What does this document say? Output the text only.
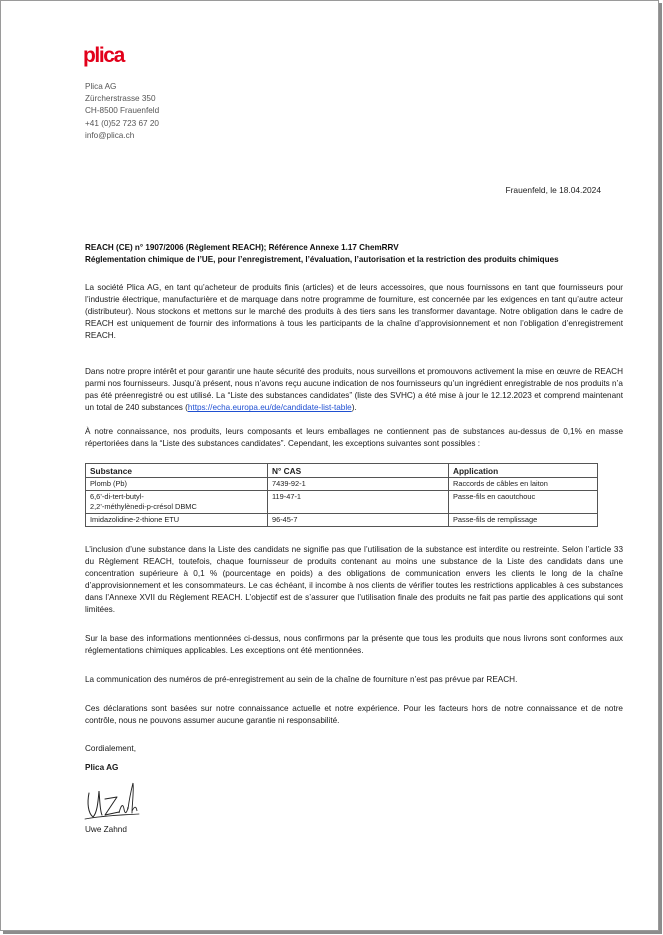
plica
Plica AG
Zürcherstrasse 350
CH-8500 Frauenfeld
+41 (0)52 723 67 20
info@plica.ch
Frauenfeld, le 18.04.2024
REACH (CE) n° 1907/2006 (Règlement REACH); Référence Annexe 1.17 ChemRRV
Réglementation chimique de l’UE, pour l’enregistrement, l’évaluation, l’autorisation et la restriction des produits chimiques
La société Plica AG, en tant qu’acheteur de produits finis (articles) et de leurs accessoires, que nous fournissons en tant que fournisseurs pour l’industrie électrique, manufacturière et de marquage dans notre programme de fourniture, est concernée par les exigences en tant qu’autre acteur (distributeur). Nous stockons et mettons sur le marché des produits à des tiers sans les transformer davantage. Notre obligation dans le cadre de REACH est uniquement de fournir des informations à tous les participants de la chaîne d’approvisionnement et non l’obligation d’enregistrement REACH.
Dans notre propre intérêt et pour garantir une haute sécurité des produits, nous surveillons et promouvons activement la mise en œuvre de REACH parmi nos fournisseurs. Jusqu’à présent, nous n’avons reçu aucune indication de nos fournisseurs qu’un ingrédient enregistrable de nos produits n’a pas été préenregistré ou est utilisé. La “Liste des substances candidates” (liste des SVHC) a été mise à jour le 12.12.2023 et comprend maintenant un total de 240 substances (https://echa.europa.eu/de/candidate-list-table).
À notre connaissance, nos produits, leurs composants et leurs emballages ne contiennent pas de substances au-dessus de 0,1% en masse répertoriées dans la “Liste des substances candidates”. Cependant, les exceptions suivantes sont possibles :
Substance	N° CAS	Application
Plomb (Pb)	7439-92-1	Raccords de câbles en laiton

6,6’-di-tert-butyl-
2,2’-méthylènedi-p-crésol DBMC	119-47-1	Passe-fils en caoutchouc
Imidazolidine-2-thione ETU	96-45-7	Passe-fils de remplissage
L’inclusion d’une substance dans la Liste des candidats ne signifie pas que l’utilisation de la substance est interdite ou restreinte. Selon l’article 33 du Règlement REACH, toutefois, chaque fournisseur de produits contenant au moins une substance de la Liste des candidats dans une concentration supérieure à 0,1 % (pourcentage en poids) a des obligations de communication envers les clients le long de la chaîne d’approvisionnement et les consommateurs. Le cas échéant, il incombe à nos clients de vérifier toutes les restrictions applicables à ces substances dans l’Annexe XVII du Règlement REACH. L’objectif est de s’assurer que l’utilisation finale des produits ne fait pas partie des applications qui sont limitées.
Sur la base des informations mentionnées ci-dessus, nous confirmons par la présente que tous les produits que nous livrons sont conformes aux réglementations chimiques applicables. Les exceptions ont été mentionnées.
La communication des numéros de pré-enregistrement au sein de la chaîne de fourniture n’est pas prévue par REACH.
Ces déclarations sont basées sur notre connaissance actuelle et notre expérience. Pour les facteurs hors de notre connaissance et de notre contrôle, nous ne pouvons assumer aucune garantie ni responsabilité.
Cordialement,
Plica AG
Uwe Zahnd
